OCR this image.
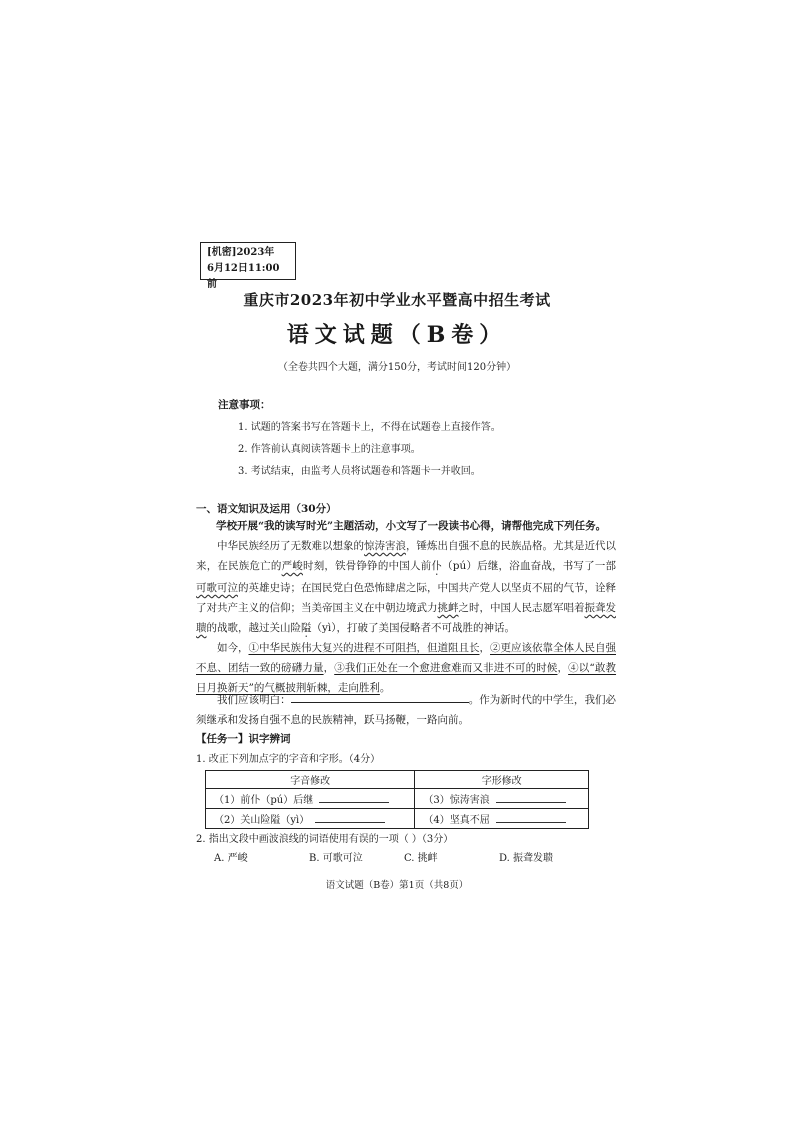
[机密]2023年
6月12日11:00前
重庆市2023年初中学业水平暨高中招生考试
语文试题（B卷）
（全卷共四个大题，满分150分，考试时间120分钟）
注意事项：
1. 试题的答案书写在答题卡上，不得在试题卷上直接作答。
2. 作答前认真阅读答题卡上的注意事项。
3. 考试结束，由监考人员将试题卷和答题卡一并收回。
一、语文知识及运用（30分）
学校开展“我的读写时光”主题活动，小文写了一段读书心得，请帮他完成下列任务。
中华民族经历了无数难以想象的惊涛害浪，锤炼出自强不息的民族品格。尤其是近代以来，在民族危亡的严峻时刻，铁骨铮铮的中国人前仆（pú）后继，浴血奋战，书写了一部可歌可泣的英雄史诗；在国民党白色恐怖肆虐之际，中国共产党人以坚贞不屈的气节，诠释了对共产主义的信仰；当美帝国主义在中朝边境武力挑衅之时，中国人民志愿军唱着振聋发聩的战歌，越过关山险隘（yì），打破了美国侵略者不可战胜的神话。
如今，①中华民族伟大复兴的进程不可阻挡，但道阻且长，②更应该依靠全体人民自强不息、团结一致的磅礴力量，③我们正处在一个愈进愈难而又非进不可的时候，④以“敢教日月换新天”的气概披荆斩棘，走向胜利。
我们应该明白：	。作为新时代的中学生，我们必须继承和发扬自强不息的民族精神，跃马扬鞭，一路向前。
【任务一】识字辨词
1. 改正下列加点字的字音和字形。（4分）
字音修改	字形修改
（1）前仆（pú）后继	（3）惊涛害浪
（2）关山险隘（yì）	（4）坚真不屈
2. 指出文段中画波浪线的词语使用有误的一项（ ）（3分）
A. 严峻	B. 可歌可泣	C. 挑衅	D. 振聋发聩
语文试题（B卷）第1页（共8页）
